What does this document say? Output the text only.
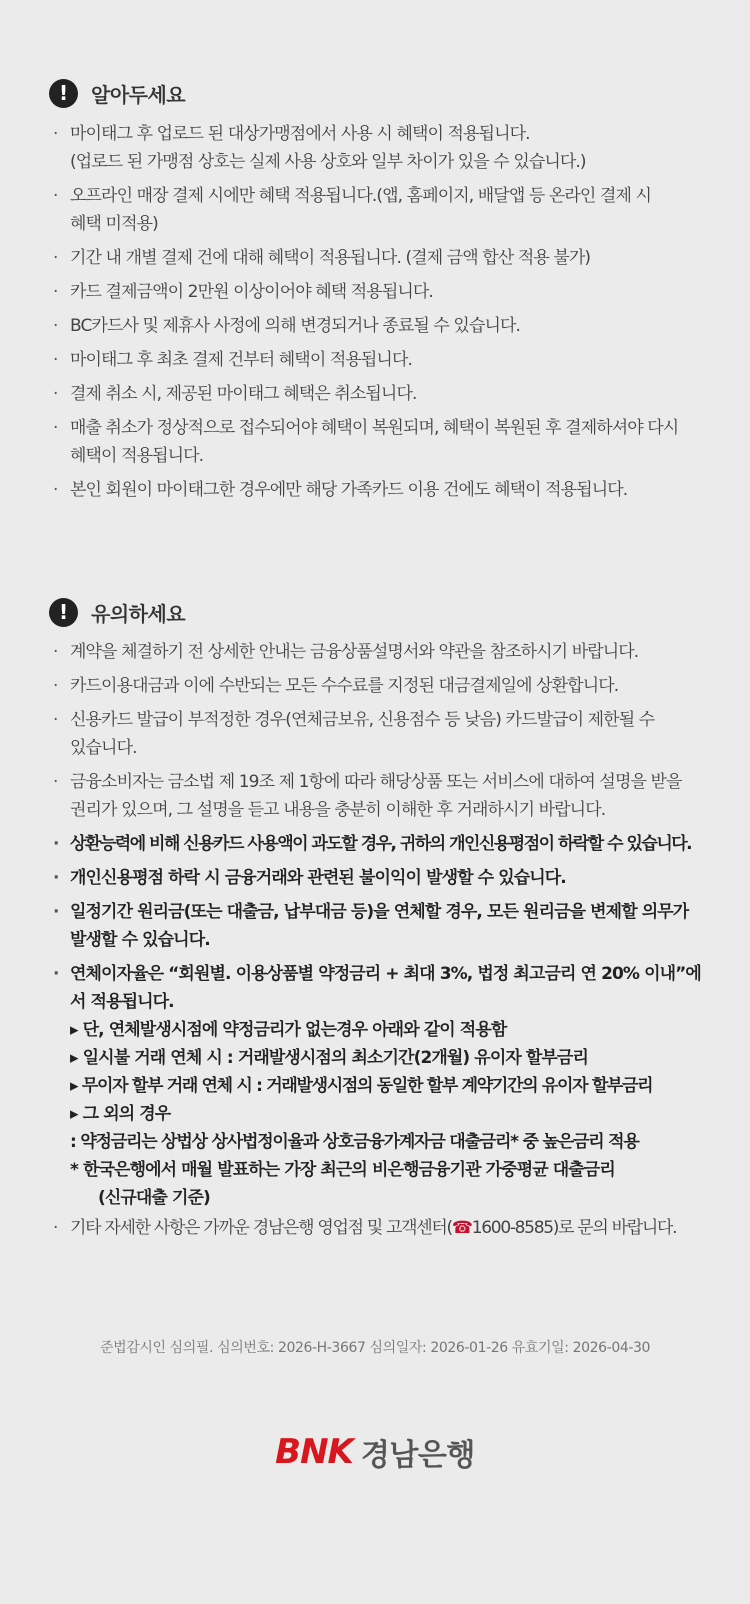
!	알아두세요
· 마이태그 후 업로드 된 대상가맹점에서 사용 시 혜택이 적용됩니다.
(업로드 된 가맹점 상호는 실제 사용 상호와 일부 차이가 있을 수 있습니다.)
· 오프라인 매장 결제 시에만 혜택 적용됩니다.(앱, 홈페이지, 배달앱 등 온라인 결제 시
혜택 미적용)
· 기간 내 개별 결제 건에 대해 혜택이 적용됩니다. (결제 금액 합산 적용 불가)
· 카드 결제금액이 2만원 이상이어야 혜택 적용됩니다.
· BC카드사 및 제휴사 사정에 의해 변경되거나 종료될 수 있습니다.
· 마이태그 후 최초 결제 건부터 혜택이 적용됩니다.
· 결제 취소 시, 제공된 마이태그 혜택은 취소됩니다.
· 매출 취소가 정상적으로 접수되어야 혜택이 복원되며, 혜택이 복원된 후 결제하셔야 다시
혜택이 적용됩니다.
· 본인 회원이 마이태그한 경우에만 해당 가족카드 이용 건에도 혜택이 적용됩니다.
!	유의하세요
· 계약을 체결하기 전 상세한 안내는 금융상품설명서와 약관을 참조하시기 바랍니다.
· 카드이용대금과 이에 수반되는 모든 수수료를 지정된 대금결제일에 상환합니다.
· 신용카드 발급이 부적정한 경우(연체금보유, 신용점수 등 낮음) 카드발급이 제한될 수
있습니다.
· 금융소비자는 금소법 제 19조 제 1항에 따라 해당상품 또는 서비스에 대하여 설명을 받을
권리가 있으며, 그 설명을 듣고 내용을 충분히 이해한 후 거래하시기 바랍니다.
· 상환능력에 비해 신용카드 사용액이 과도할 경우, 귀하의 개인신용평점이 하락할 수 있습니다.
· 개인신용평점 하락 시 금융거래와 관련된 불이익이 발생할 수 있습니다.
· 일정기간 원리금(또는 대출금, 납부대금 등)을 연체할 경우, 모든 원리금을 변제할 의무가
발생할 수 있습니다.
· 연체이자율은 “회원별. 이용상품별 약정금리 + 최대 3%, 법정 최고금리 연 20% 이내”에
서 적용됩니다.
▸ 단, 연체발생시점에 약정금리가 없는경우 아래와 같이 적용함
▸ 일시불 거래 연체 시 : 거래발생시점의 최소기간(2개월) 유이자 할부금리
▸ 무이자 할부 거래 연체 시 : 거래발생시점의 동일한 할부 계약기간의 유이자 할부금리
▸ 그 외의 경우
: 약정금리는 상법상 상사법정이율과 상호금융가계자금 대출금리* 중 높은금리 적용
* 한국은행에서 매월 발표하는 가장 최근의 비은행금융기관 가중평균 대출금리
(신규대출 기준)
· 기타 자세한 사항은 가까운 경남은행 영업점 및 고객센터(☎1600-8585)로 문의 바랍니다.
준법감시인 심의필. 심의번호: 2026-H-3667 심의일자: 2026-01-26 유효기일: 2026-04-30
BNK 경남은행
